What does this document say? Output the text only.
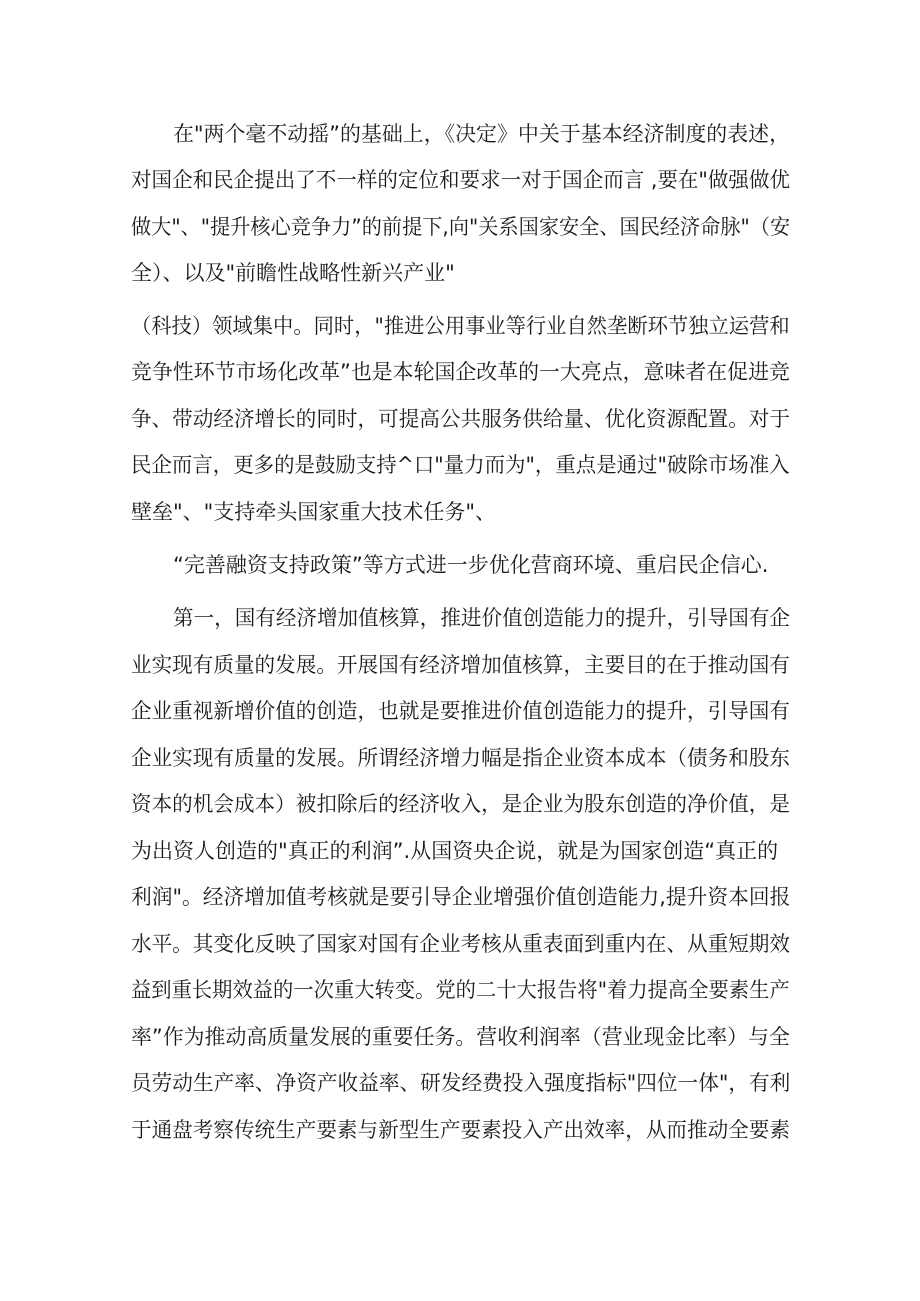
在"两个毫不动摇”的基础上，《决定》中关于基本经济制度的表述，
对国企和民企提出了不一样的定位和要求一对于国企而言 ,要在"做强做优
做大"、"提升核心竞争力”的前提下,向"关系国家安全、国民经济命脉"（安
全）、以及"前瞻性战略性新兴产业"
（科技）领域集中。同时，"推进公用事业等行业自然垄断环节独立运营和
竞争性环节市场化改革”也是本轮国企改革的一大亮点，意味者在促进竞
争、带动经济增长的同时，可提高公共服务供给量、优化资源配置。对于
民企而言，更多的是鼓励支持^口"量力而为"，重点是通过"破除市场准入
壁垒"、"支持牵头国家重大技术任务"、
“完善融资支持政策”等方式进一步优化营商环境、重启民企信心.
第一，国有经济增加值核算，推进价值创造能力的提升，引导国有企
业实现有质量的发展。开展国有经济增加值核算，主要目的在于推动国有
企业重视新增价值的创造，也就是要推进价值创造能力的提升，引导国有
企业实现有质量的发展。所谓经济增力幅是指企业资本成本（债务和股东
资本的机会成本）被扣除后的经济收入，是企业为股东创造的净价值，是
为出资人创造的"真正的利润”.从国资央企说，就是为国家创造“真正的
利润"。经济增加值考核就是要引导企业增强价值创造能力,提升资本回报
水平。其变化反映了国家对国有企业考核从重表面到重内在、从重短期效
益到重长期效益的一次重大转变。党的二十大报告将"着力提高全要素生产
率”作为推动高质量发展的重要任务。营收利润率（营业现金比率）与全
员劳动生产率、净资产收益率、研发经费投入强度指标"四位一体"，有利
于通盘考察传统生产要素与新型生产要素投入产出效率，从而推动全要素
